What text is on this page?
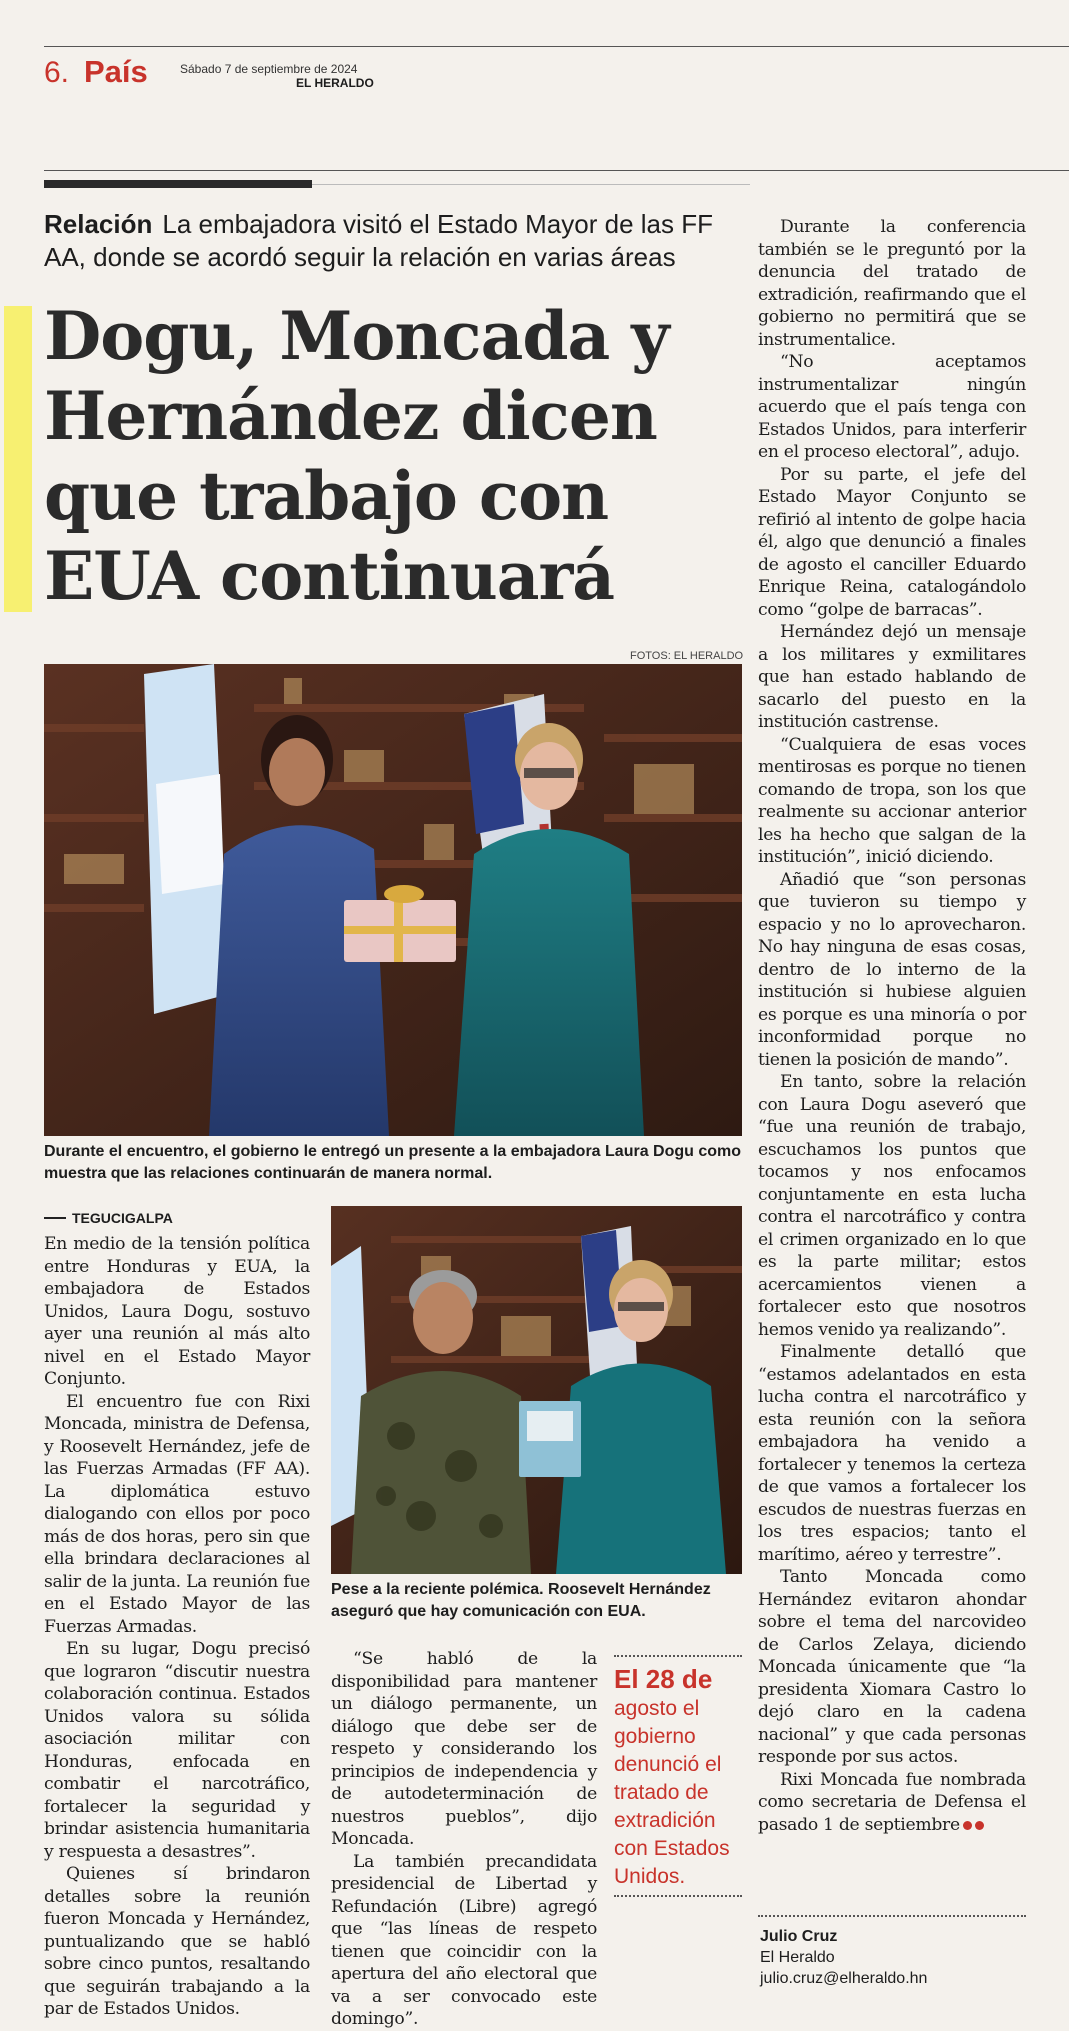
6. País	Sábado 7 de septiembre de 2024
EL HERALDO
Relación La embajadora visitó el Estado Mayor de las FF AA, donde se acordó seguir la relación en varias áreas
Dogu, Moncada y Hernández dicen que trabajo con EUA continuará
FOTOS: EL HERALDO
Durante el encuentro, el gobierno le entregó un presente a la embajadora Laura Dogu como muestra que las relaciones continuarán de manera normal.
Pese a la reciente polémica. Roosevelt Hernández aseguró que hay comunicación con EUA.
TEGUCIGALPA

En medio de la tensión política entre Honduras y EUA, la embajadora de Estados Unidos, Laura Dogu, sostuvo ayer una reunión al más alto nivel en el Estado Mayor Conjunto.

El encuentro fue con Rixi Moncada, ministra de Defensa, y Roosevelt Hernández, jefe de las Fuerzas Armadas (FF AA). La diplomática estuvo dialogando con ellos por poco más de dos horas, pero sin que ella brindara declaraciones al salir de la junta. La reunión fue en el Estado Mayor de las Fuerzas Armadas.

En su lugar, Dogu precisó que lograron “discutir nuestra colaboración continua. Estados Unidos valora su sólida asociación militar con Honduras, enfocada en combatir el narcotráfico, fortalecer la seguridad y brindar asistencia humanitaria y respuesta a desastres”.

Quienes sí brindaron detalles sobre la reunión fueron Moncada y Hernández, puntualizando que se habló sobre cinco puntos, resaltando que seguirán trabajando a la par de Estados Unidos.

“Se habló de la disponibilidad para mantener un diálogo permanente, un diálogo que debe ser de respeto y considerando los principios de independencia y de autodeterminación de nuestros pueblos”, dijo Moncada.

La también precandidata presidencial de Libertad y Refundación (Libre) agregó que “las líneas de respeto tienen que coincidir con la apertura del año electoral que va a ser convocado este domingo”.

El 28 de
agosto el gobierno denunció el tratado de extradición con Estados Unidos.

Durante la conferencia también se le preguntó por la denuncia del tratado de extradición, reafirmando que el gobierno no permitirá que se instrumentalice.

“No aceptamos instrumentalizar ningún acuerdo que el país tenga con Estados Unidos, para interferir en el proceso electoral”, adujo.

Por su parte, el jefe del Estado Mayor Conjunto se refirió al intento de golpe hacia él, algo que denunció a finales de agosto el canciller Eduardo Enrique Reina, catalogándolo como “golpe de barracas”.

Hernández dejó un mensaje a los militares y exmilitares que han estado hablando de sacarlo del puesto en la institución castrense.

“Cualquiera de esas voces mentirosas es porque no tienen comando de tropa, son los que realmente su accionar anterior les ha hecho que salgan de la institución”, inició diciendo.

Añadió que “son personas que tuvieron su tiempo y espacio y no lo aprovecharon. No hay ninguna de esas cosas, dentro de lo interno de la institución si hubiese alguien es porque es una minoría o por inconformidad porque no tienen la posición de mando”.

En tanto, sobre la relación con Laura Dogu aseveró que “fue una reunión de trabajo, escuchamos los puntos que tocamos y nos enfocamos conjuntamente en esta lucha contra el narcotráfico y contra el crimen organizado en lo que es la parte militar; estos acercamientos vienen a fortalecer esto que nosotros hemos venido ya realizando”.

Finalmente detalló que “estamos adelantados en esta lucha contra el narcotráfico y esta reunión con la señora embajadora ha venido a fortalecer y tenemos la certeza de que vamos a fortalecer los escudos de nuestras fuerzas en los tres espacios; tanto el marítimo, aéreo y terrestre”.

Tanto Moncada como Hernández evitaron ahondar sobre el tema del narcovideo de Carlos Zelaya, diciendo Moncada únicamente que “la presidenta Xiomara Castro lo dejó claro en la cadena nacional” y que cada personas responde por sus actos.

Rixi Moncada fue nombrada como secretaria de Defensa el pasado 1 de septiembre

Julio Cruz
El Heraldo
julio.cruz@elheraldo.hn
